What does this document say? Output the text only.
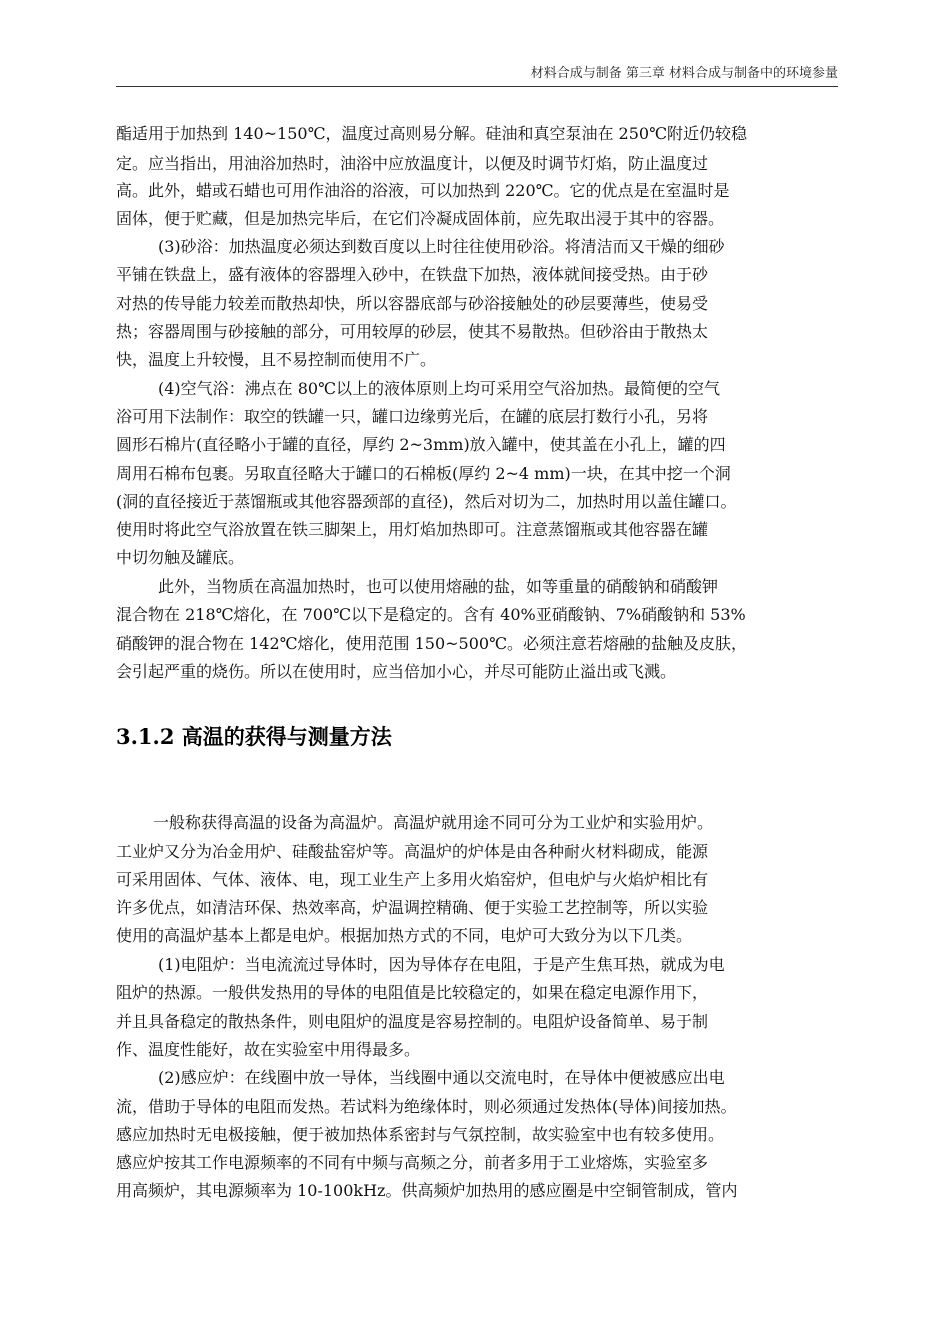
材料合成与制备 第三章 材料合成与制备中的环境参量
酯适用于加热到 140~150℃，温度过高则易分解。硅油和真空泵油在 250℃附近仍较稳
定。应当指出，用油浴加热时，油浴中应放温度计，以便及时调节灯焰，防止温度过
高。此外，蜡或石蜡也可用作油浴的浴液，可以加热到 220℃。它的优点是在室温时是
固体，便于贮藏，但是加热完毕后，在它们冷凝成固体前，应先取出浸于其中的容器。
(3)砂浴：加热温度必须达到数百度以上时往往使用砂浴。将清洁而又干燥的细砂
平铺在铁盘上，盛有液体的容器埋入砂中，在铁盘下加热，液体就间接受热。由于砂
对热的传导能力较差而散热却快，所以容器底部与砂浴接触处的砂层要薄些，使易受
热；容器周围与砂接触的部分，可用较厚的砂层，使其不易散热。但砂浴由于散热太
快，温度上升较慢，且不易控制而使用不广。
(4)空气浴：沸点在 80℃以上的液体原则上均可采用空气浴加热。最简便的空气
浴可用下法制作：取空的铁罐一只，罐口边缘剪光后，在罐的底层打数行小孔，另将
圆形石棉片(直径略小于罐的直径，厚约 2~3mm)放入罐中，使其盖在小孔上，罐的四
周用石棉布包裹。另取直径略大于罐口的石棉板(厚约 2~4 mm)一块，在其中挖一个洞
(洞的直径接近于蒸馏瓶或其他容器颈部的直径)，然后对切为二，加热时用以盖住罐口。
使用时将此空气浴放置在铁三脚架上，用灯焰加热即可。注意蒸馏瓶或其他容器在罐
中切勿触及罐底。
此外，当物质在高温加热时，也可以使用熔融的盐，如等重量的硝酸钠和硝酸钾
混合物在 218℃熔化，在 700℃以下是稳定的。含有 40%亚硝酸钠、7%硝酸钠和 53%
硝酸钾的混合物在 142℃熔化，使用范围 150~500℃。必须注意若熔融的盐触及皮肤，
会引起严重的烧伤。所以在使用时，应当倍加小心，并尽可能防止溢出或飞溅。
3.1.2 高温的获得与测量方法
一般称获得高温的设备为高温炉。高温炉就用途不同可分为工业炉和实验用炉。
工业炉又分为冶金用炉、硅酸盐窑炉等。高温炉的炉体是由各种耐火材料砌成，能源
可采用固体、气体、液体、电，现工业生产上多用火焰窑炉，但电炉与火焰炉相比有
许多优点，如清洁环保、热效率高，炉温调控精确、便于实验工艺控制等，所以实验
使用的高温炉基本上都是电炉。根据加热方式的不同，电炉可大致分为以下几类。
(1)电阻炉：当电流流过导体时，因为导体存在电阻，于是产生焦耳热，就成为电
阻炉的热源。一般供发热用的导体的电阻值是比较稳定的，如果在稳定电源作用下，
并且具备稳定的散热条件，则电阻炉的温度是容易控制的。电阻炉设备简单、易于制
作、温度性能好，故在实验室中用得最多。
(2)感应炉：在线圈中放一导体，当线圈中通以交流电时，在导体中便被感应出电
流，借助于导体的电阻而发热。若试料为绝缘体时，则必须通过发热体(导体)间接加热。
感应加热时无电极接触，便于被加热体系密封与气氛控制，故实验室中也有较多使用。
感应炉按其工作电源频率的不同有中频与高频之分，前者多用于工业熔炼，实验室多
用高频炉，其电源频率为 10-100kHz。供高频炉加热用的感应圈是中空铜管制成，管内
